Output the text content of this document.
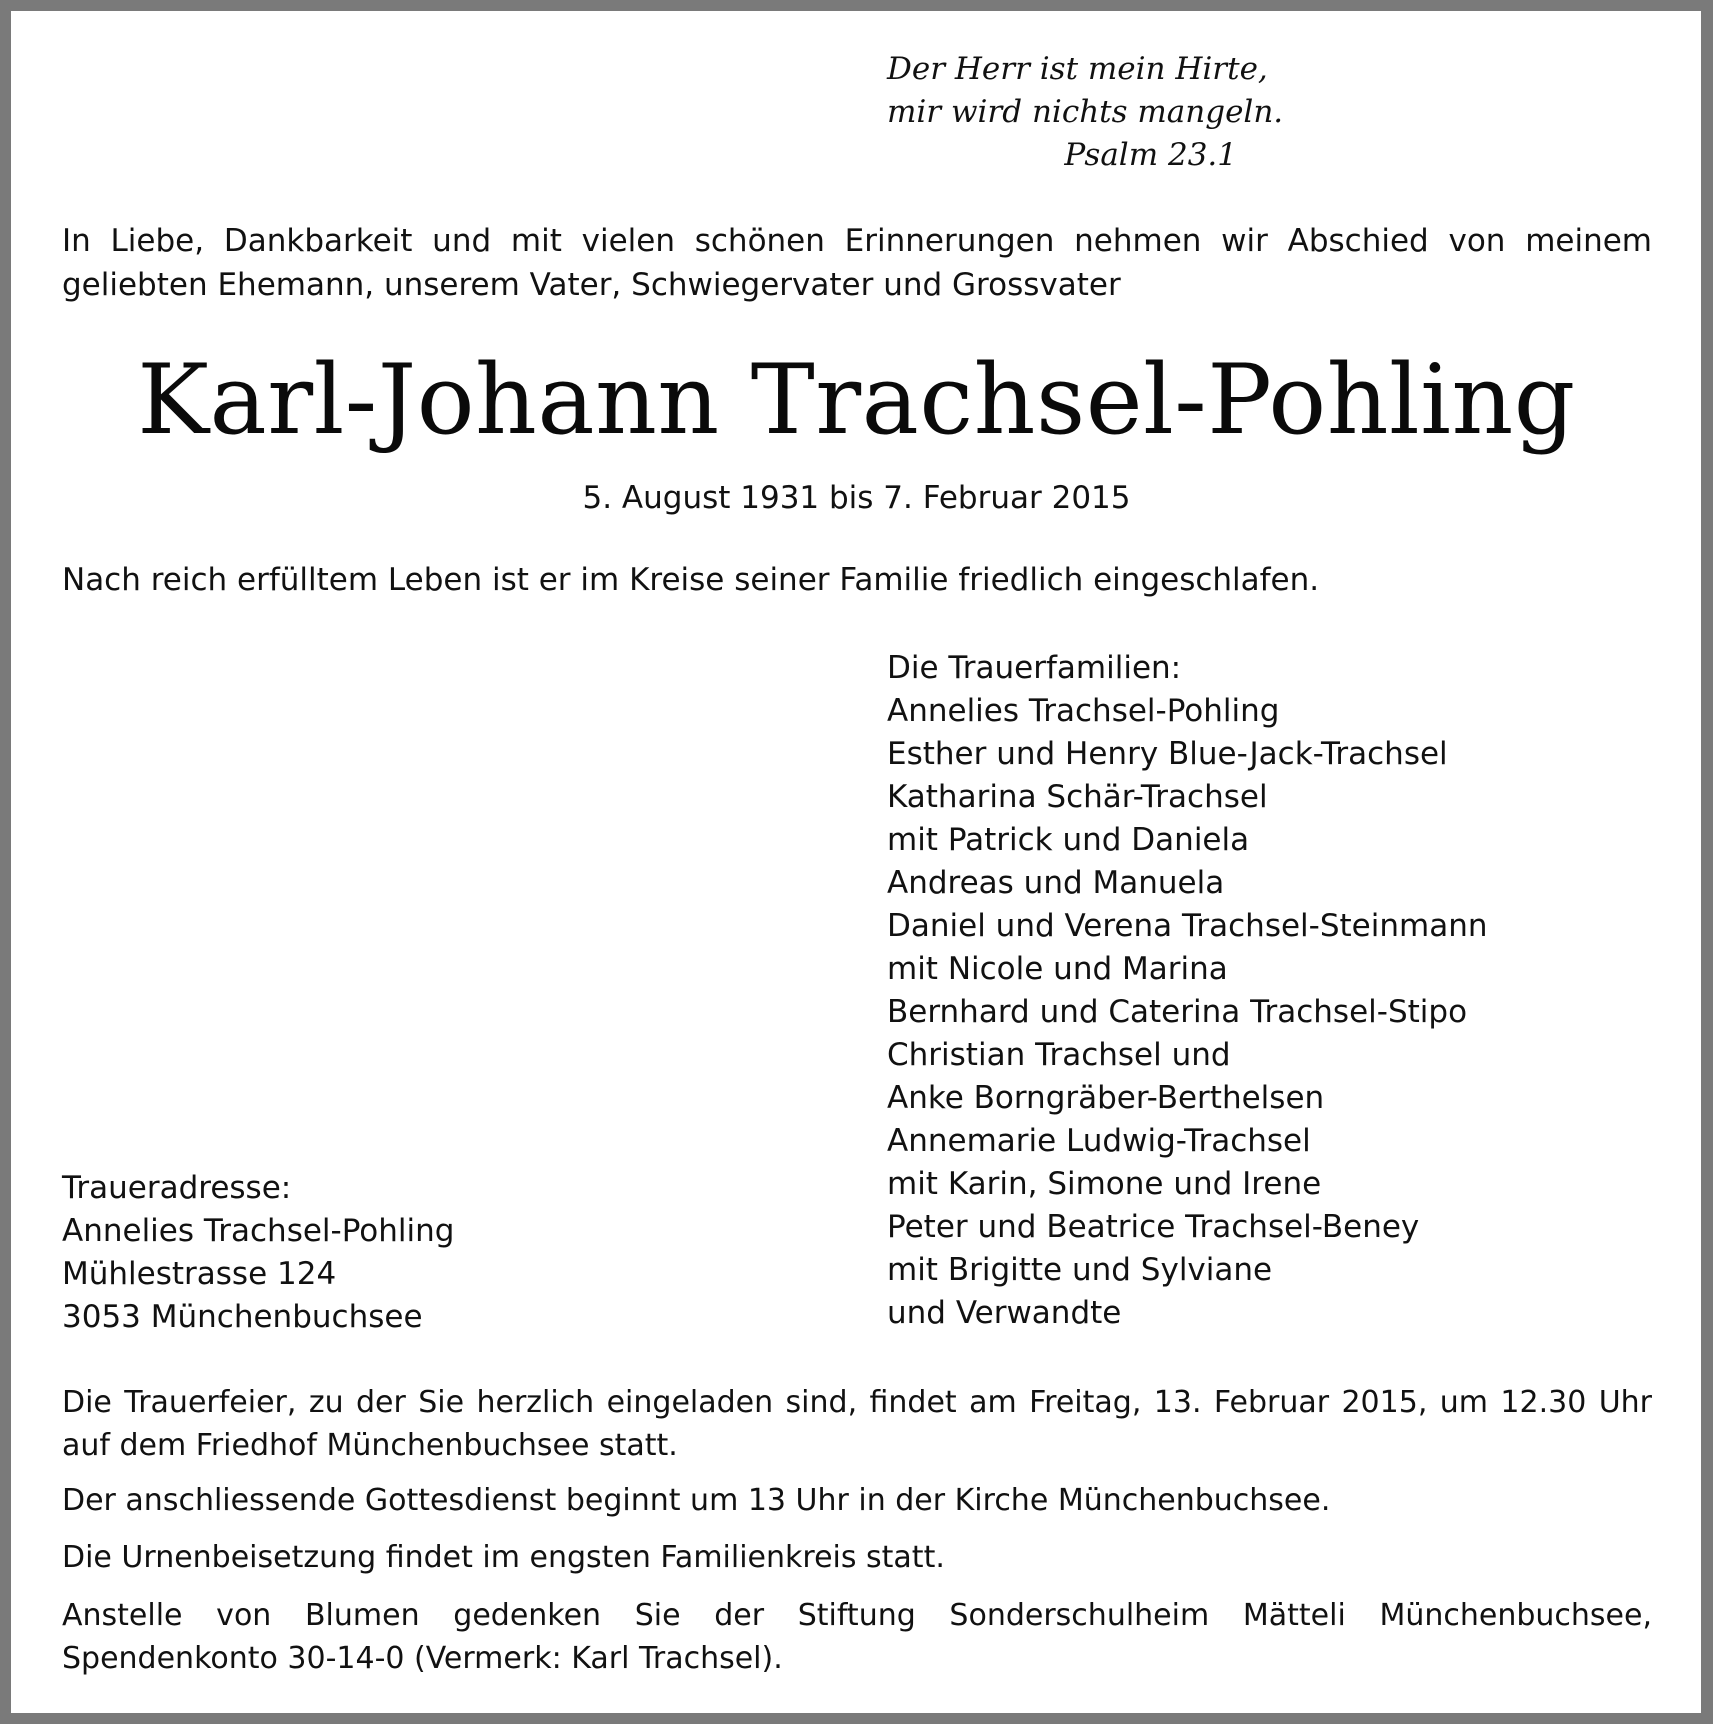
Der Herr ist mein Hirte,
mir wird nichts mangeln.
Psalm 23.1
In Liebe, Dankbarkeit und mit vielen schönen Erinnerungen nehmen wir Abschied von meinem geliebten Ehemann, unserem Vater, Schwiegervater und Grossvater
Karl-Johann Trachsel-Pohling
5. August 1931 bis 7. Februar 2015
Nach reich erfülltem Leben ist er im Kreise seiner Familie friedlich eingeschlafen.
Die Trauerfamilien:
Annelies Trachsel-Pohling
Esther und Henry Blue-Jack-Trachsel
Katharina Schär-Trachsel
mit Patrick und Daniela
Andreas und Manuela
Daniel und Verena Trachsel-Steinmann
mit Nicole und Marina
Bernhard und Caterina Trachsel-Stipo
Christian Trachsel und
Anke Borngräber-Berthelsen
Annemarie Ludwig-Trachsel
mit Karin, Simone und Irene
Peter und Beatrice Trachsel-Beney
mit Brigitte und Sylviane
und Verwandte
Traueradresse:
Annelies Trachsel-Pohling
Mühlestrasse 124
3053 Münchenbuchsee
Die Trauerfeier, zu der Sie herzlich eingeladen sind, findet am Freitag, 13. Februar 2015, um 12.30 Uhr auf dem Friedhof Münchenbuchsee statt.
Der anschliessende Gottesdienst beginnt um 13 Uhr in der Kirche Münchenbuchsee.
Die Urnenbeisetzung findet im engsten Familienkreis statt.
Anstelle von Blumen gedenken Sie der Stiftung Sonderschulheim Mätteli Münchenbuchsee, Spendenkonto 30-14-0 (Vermerk: Karl Trachsel).
